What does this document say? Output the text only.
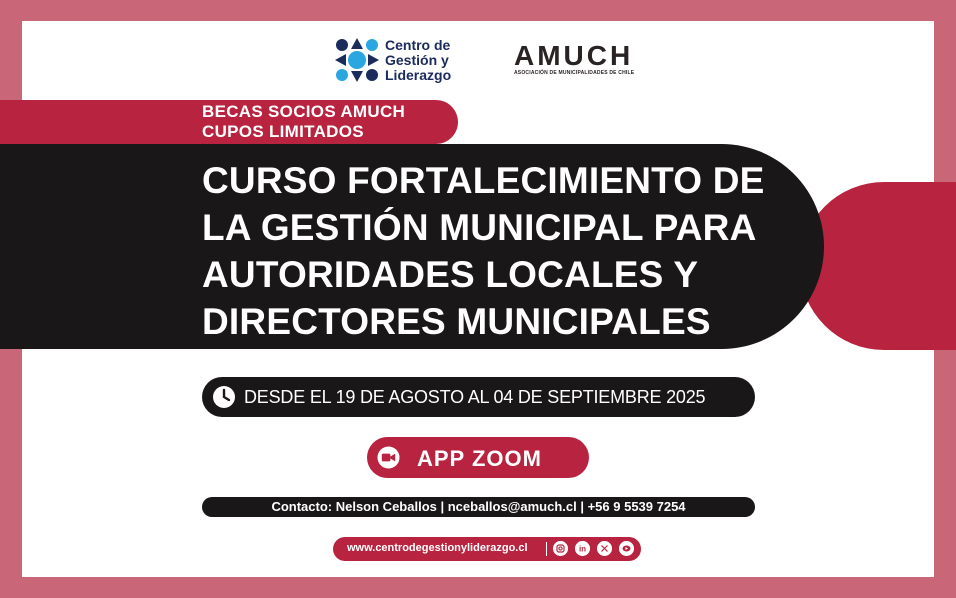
Centro de
Gestión y
Liderazgo
AMUCH
ASOCIACIÓN DE MUNICIPALIDADES DE CHILE
BECAS SOCIOS AMUCH
CUPOS LIMITADOS
CURSO FORTALECIMIENTO DE
LA GESTIÓN MUNICIPAL PARA
AUTORIDADES LOCALES Y
DIRECTORES MUNICIPALES
DESDE EL 19 DE AGOSTO AL 04 DE SEPTIEMBRE 2025
APP ZOOM
Contacto: Nelson Ceballos | nceballos@amuch.cl | +56 9 5539 7254
www.centrodegestionyliderazgo.cl	in
